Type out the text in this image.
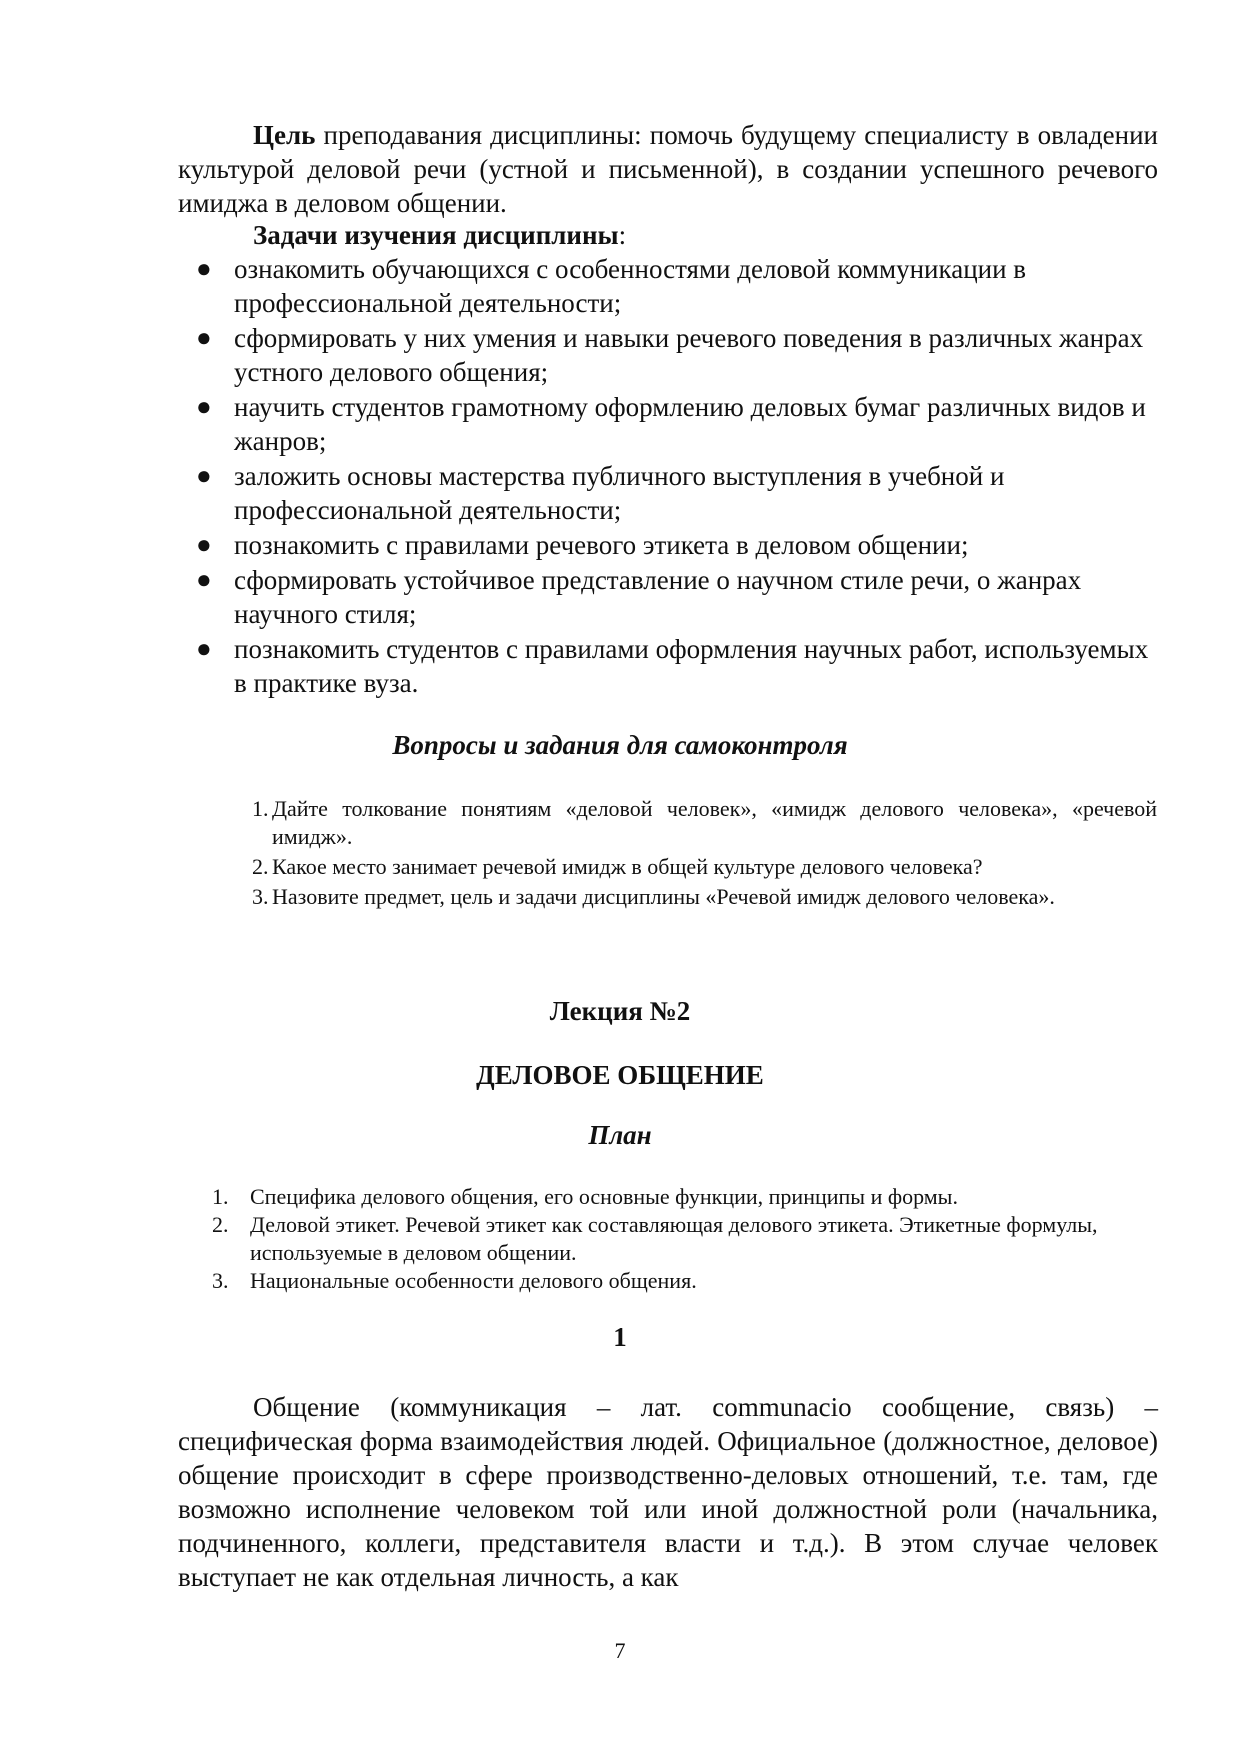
Цель преподавания дисциплины: помочь будущему специалисту в овладении культурой деловой речи (устной и письменной), в создании успешного речевого имиджа в деловом общении.

Задачи изучения дисциплины:

● ознакомить обучающихся с особенностями деловой коммуникации в профессиональной деятельности;
● сформировать у них умения и навыки речевого поведения в различных жанрах устного делового общения;
● научить студентов грамотному оформлению деловых бумаг различных видов и жанров;
● заложить основы мастерства публичного выступления в учебной и профессиональной деятельности;
● познакомить с правилами речевого этикета в деловом общении;
● сформировать устойчивое представление о научном стиле речи, о жанрах научного стиля;
● познакомить студентов с правилами оформления научных работ, используемых в практике вуза.

Вопросы и задания для самоконтроля

1. Дайте толкование понятиям «деловой человек», «имидж делового человека», «речевой имидж».
2. Какое место занимает речевой имидж в общей культуре делового человека?
3. Назовите предмет, цель и задачи дисциплины «Речевой имидж делового человека».

Лекция №2

ДЕЛОВОЕ ОБЩЕНИЕ

План

1. Специфика делового общения, его основные функции, принципы и формы.
2. Деловой этикет. Речевой этикет как составляющая делового этикета. Этикетные формулы, используемые в деловом общении.
3. Национальные особенности делового общения.

1

Общение (коммуникация – лат. communacio сообщение, связь) – специфическая форма взаимодействия людей. Официальное (должностное, деловое) общение происходит в сфере производственно-деловых отношений, т.е. там, где возможно исполнение человеком той или иной должностной роли (начальника, подчиненного, коллеги, представителя власти и т.д.). В этом случае человек выступает не как отдельная личность, а как

7
